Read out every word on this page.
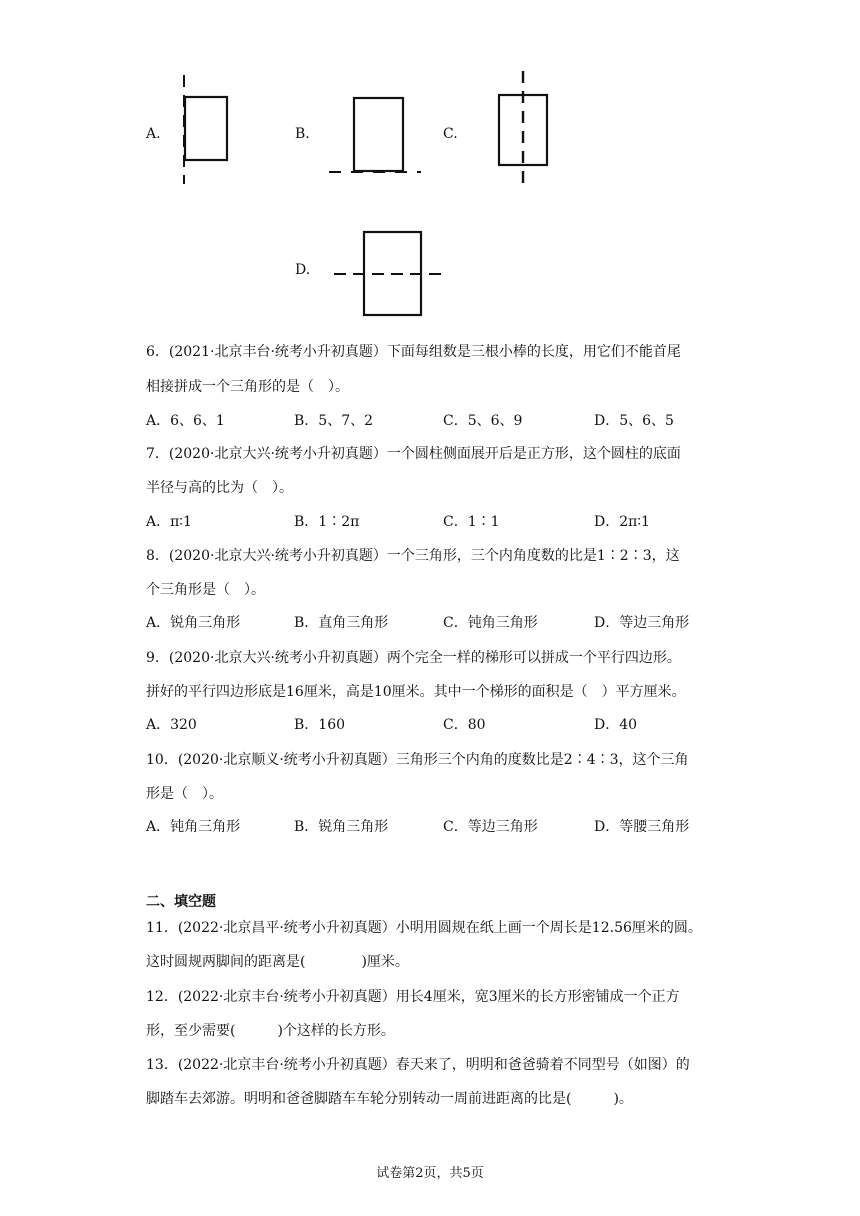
A.	B.	C.
D.
6．(2021·北京丰台·统考小升初真题）下面每组数是三根小棒的长度，用它们不能首尾
相接拼成一个三角形的是（　）。
A．6、6、1	B．5、7、2	C．5、6、9	D．5、6、5
7．(2020·北京大兴·统考小升初真题）一个圆柱侧面展开后是正方形，这个圆柱的底面
半径与高的比为（　）。
A．π∶1	B．1∶2π	C．1∶1	D．2π∶1
8．(2020·北京大兴·统考小升初真题）一个三角形，三个内角度数的比是1∶2∶3，这
个三角形是（　）。
A．锐角三角形	B．直角三角形	C．钝角三角形	D．等边三角形
9．(2020·北京大兴·统考小升初真题）两个完全一样的梯形可以拼成一个平行四边形。
拼好的平行四边形底是16厘米，高是10厘米。其中一个梯形的面积是（　）平方厘米。
A．320	B．160	C．80	D．40
10．(2020·北京顺义·统考小升初真题）三角形三个内角的度数比是2∶4∶3，这个三角
形是（　）。
A．钝角三角形	B．锐角三角形	C．等边三角形	D．等腰三角形
二、填空题
11．(2022·北京昌平·统考小升初真题）小明用圆规在纸上画一个周长是12.56厘米的圆。
这时圆规两脚间的距离是(　　　　)厘米。
12．(2022·北京丰台·统考小升初真题）用长4厘米，宽3厘米的长方形密铺成一个正方
形，至少需要(　　　)个这样的长方形。
13．(2022·北京丰台·统考小升初真题）春天来了，明明和爸爸骑着不同型号（如图）的
脚踏车去郊游。明明和爸爸脚踏车车轮分别转动一周前进距离的比是(　　　)。
试卷第2页，共5页
